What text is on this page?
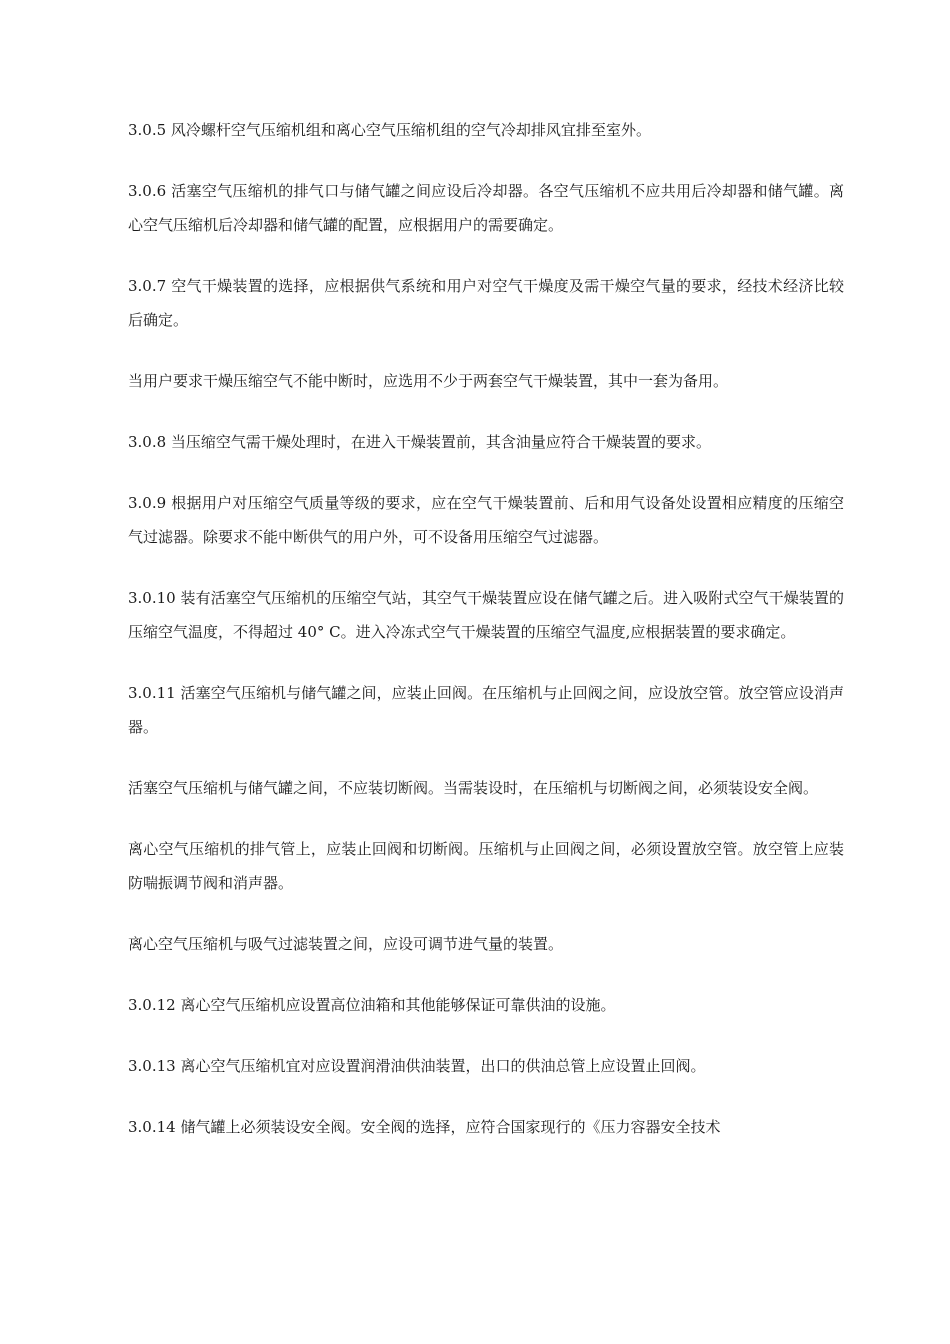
3.0.5 风冷螺杆空气压缩机组和离心空气压缩机组的空气冷却排风宜排至室外。

3.0.6 活塞空气压缩机的排气口与储气罐之间应设后冷却器。各空气压缩机不应共用后冷却器和储气罐。离心空气压缩机后冷却器和储气罐的配置，应根据用户的需要确定。

3.0.7 空气干燥装置的选择，应根据供气系统和用户对空气干燥度及需干燥空气量的要求，经技术经济比较后确定。

当用户要求干燥压缩空气不能中断时，应选用不少于两套空气干燥装置，其中一套为备用。

3.0.8 当压缩空气需干燥处理时，在进入干燥装置前，其含油量应符合干燥装置的要求。

3.0.9 根据用户对压缩空气质量等级的要求，应在空气干燥装置前、后和用气设备处设置相应精度的压缩空气过滤器。除要求不能中断供气的用户外，可不设备用压缩空气过滤器。

3.0.10 装有活塞空气压缩机的压缩空气站，其空气干燥装置应设在储气罐之后。进入吸附式空气干燥装置的压缩空气温度，不得超过 40° C。进入冷冻式空气干燥装置的压缩空气温度,应根据装置的要求确定。

3.0.11 活塞空气压缩机与储气罐之间，应装止回阀。在压缩机与止回阀之间，应设放空管。放空管应设消声器。

活塞空气压缩机与储气罐之间，不应装切断阀。当需装设时，在压缩机与切断阀之间，必须装设安全阀。

离心空气压缩机的排气管上，应装止回阀和切断阀。压缩机与止回阀之间，必须设置放空管。放空管上应装防喘振调节阀和消声器。

离心空气压缩机与吸气过滤装置之间，应设可调节进气量的装置。

3.0.12 离心空气压缩机应设置高位油箱和其他能够保证可靠供油的设施。

3.0.13 离心空气压缩机宜对应设置润滑油供油装置，出口的供油总管上应设置止回阀。

3.0.14 储气罐上必须装设安全阀。安全阀的选择，应符合国家现行的《压力容器安全技术
